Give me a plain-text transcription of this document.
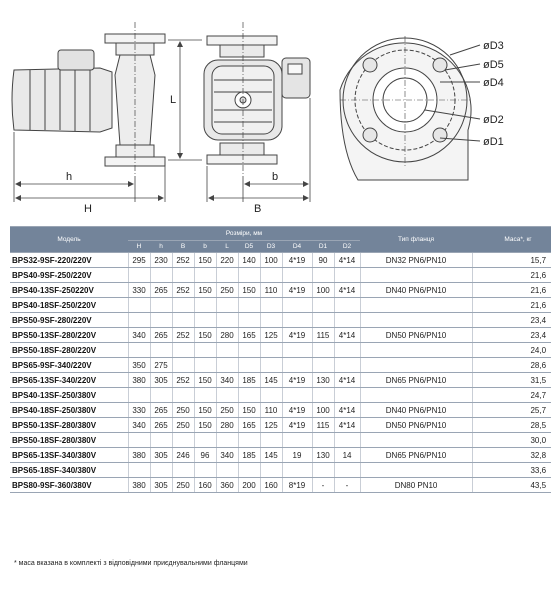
h
H
L
b
B
øD3
øD5
øD4
øD2
øD1
Модель	Розміри, мм										Тип фланця	Маса*, кг
	H	h	B	b	L	D5	D3	D4	D1	D2		
BPS32-9SF-220/220V	295	230	252	150	220	140	100	4*19	90	4*14	DN32 PN6/PN10	15,7
BPS40-9SF-250/220V												21,6
BPS40-13SF-250220V	330	265	252	150	250	150	110	4*19	100	4*14	DN40 PN6/PN10	21,6
BPS40-18SF-250/220V												21,6
BPS50-9SF-280/220V												23,4
BPS50-13SF-280/220V	340	265	252	150	280	165	125	4*19	115	4*14	DN50 PN6/PN10	23,4
BPS50-18SF-280/220V												24,0
BPS65-9SF-340/220V	350	275										28,6
BPS65-13SF-340/220V	380	305	252	150	340	185	145	4*19	130	4*14	DN65 PN6/PN10	31,5
BPS40-13SF-250/380V												24,7
BPS40-18SF-250/380V	330	265	250	150	250	150	110	4*19	100	4*14	DN40 PN6/PN10	25,7
BPS50-13SF-280/380V	340	265	250	150	280	165	125	4*19	115	4*14	DN50 PN6/PN10	28,5
BPS50-18SF-280/380V												30,0
BPS65-13SF-340/380V	380	305	246	96	340	185	145	19	130	14	DN65 PN6/PN10	32,8
BPS65-18SF-340/380V												33,6
BPS80-9SF-360/380V	380	305	250	160	360	200	160	8*19	-	-	DN80 PN10	43,5
* маса вказана в комплекті з відповідними приєднувальними фланцями
